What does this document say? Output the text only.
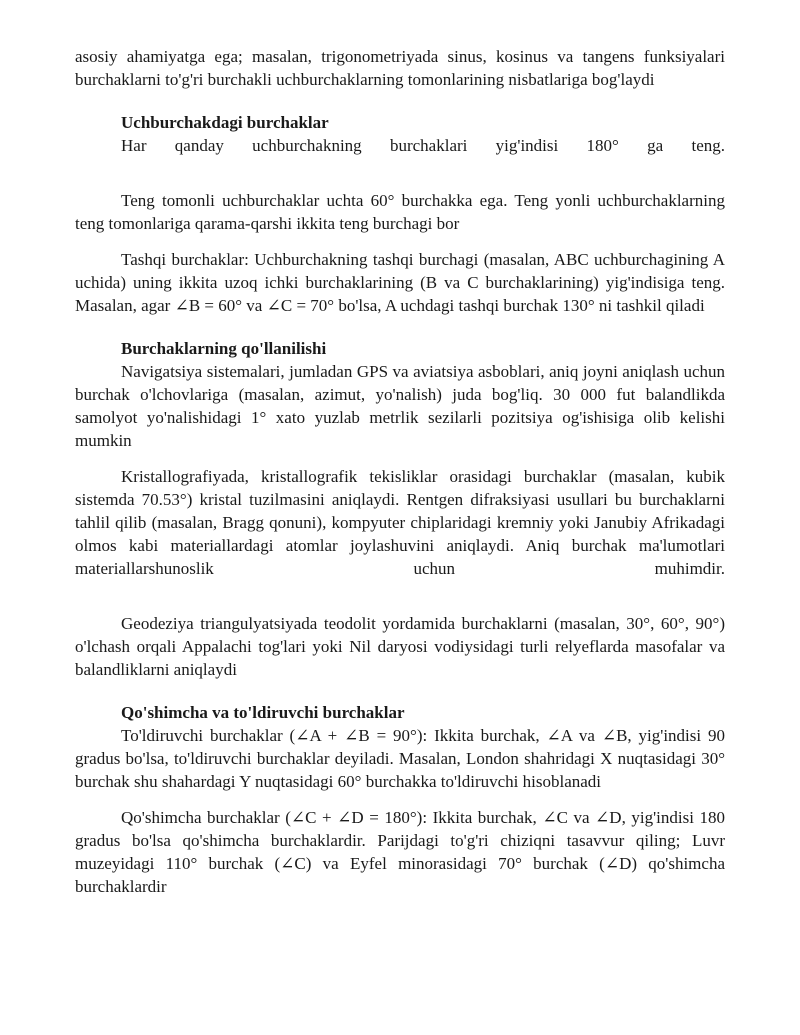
asosiy ahamiyatga ega; masalan, trigonometriyada sinus, kosinus va tangens funksiyalari burchaklarni to'g'ri burchakli uchburchaklarning tomonlarining nisbatlariga bog'laydi

Uchburchakdagi burchaklar

Har qanday uchburchakning burchaklari yig'indisi 180° ga teng.

Teng tomonli uchburchaklar uchta 60° burchakka ega. Teng yonli uchburchaklarning teng tomonlariga qarama-qarshi ikkita teng burchagi bor

Tashqi burchaklar: Uchburchakning tashqi burchagi (masalan, ABC uchburchagining A uchida) uning ikkita uzoq ichki burchaklarining (B va C burchaklarining) yig'indisiga teng. Masalan, agar ∠B = 60° va ∠C = 70° bo'lsa, A uchdagi tashqi burchak 130° ni tashkil qiladi

Burchaklarning qo'llanilishi

Navigatsiya sistemalari, jumladan GPS va aviatsiya asboblari, aniq joyni aniqlash uchun burchak o'lchovlariga (masalan, azimut, yo'nalish) juda bog'liq. 30 000 fut balandlikda samolyot yo'nalishidagi 1° xato yuzlab metrlik sezilarli pozitsiya og'ishisiga olib kelishi mumkin

Kristallografiyada, kristallografik tekisliklar orasidagi burchaklar (masalan, kubik sistemda 70.53°) kristal tuzilmasini aniqlaydi. Rentgen difraksiyasi usullari bu burchaklarni tahlil qilib (masalan, Bragg qonuni), kompyuter chiplaridagi kremniy yoki Janubiy Afrikadagi olmos kabi materiallardagi atomlar joylashuvini aniqlaydi. Aniq burchak ma'lumotlari materiallarshunoslik uchun muhimdir.

Geodeziya triangulyatsiyada teodolit yordamida burchaklarni (masalan, 30°, 60°, 90°) o'lchash orqali Appalachi tog'lari yoki Nil daryosi vodiysidagi turli relyeflarda masofalar va balandliklarni aniqlaydi

Qo'shimcha va to'ldiruvchi burchaklar

To'ldiruvchi burchaklar (∠A + ∠B = 90°): Ikkita burchak, ∠A va ∠B, yig'indisi 90 gradus bo'lsa, to'ldiruvchi burchaklar deyiladi. Masalan, London shahridagi X nuqtasidagi 30° burchak shu shahardagi Y nuqtasidagi 60° burchakka to'ldiruvchi hisoblanadi

Qo'shimcha burchaklar (∠C + ∠D = 180°): Ikkita burchak, ∠C va ∠D, yig'indisi 180 gradus bo'lsa qo'shimcha burchaklardir. Parijdagi to'g'ri chiziqni tasavvur qiling; Luvr muzeyidagi 110° burchak (∠C) va Eyfel minorasidagi 70° burchak (∠D) qo'shimcha burchaklardir
